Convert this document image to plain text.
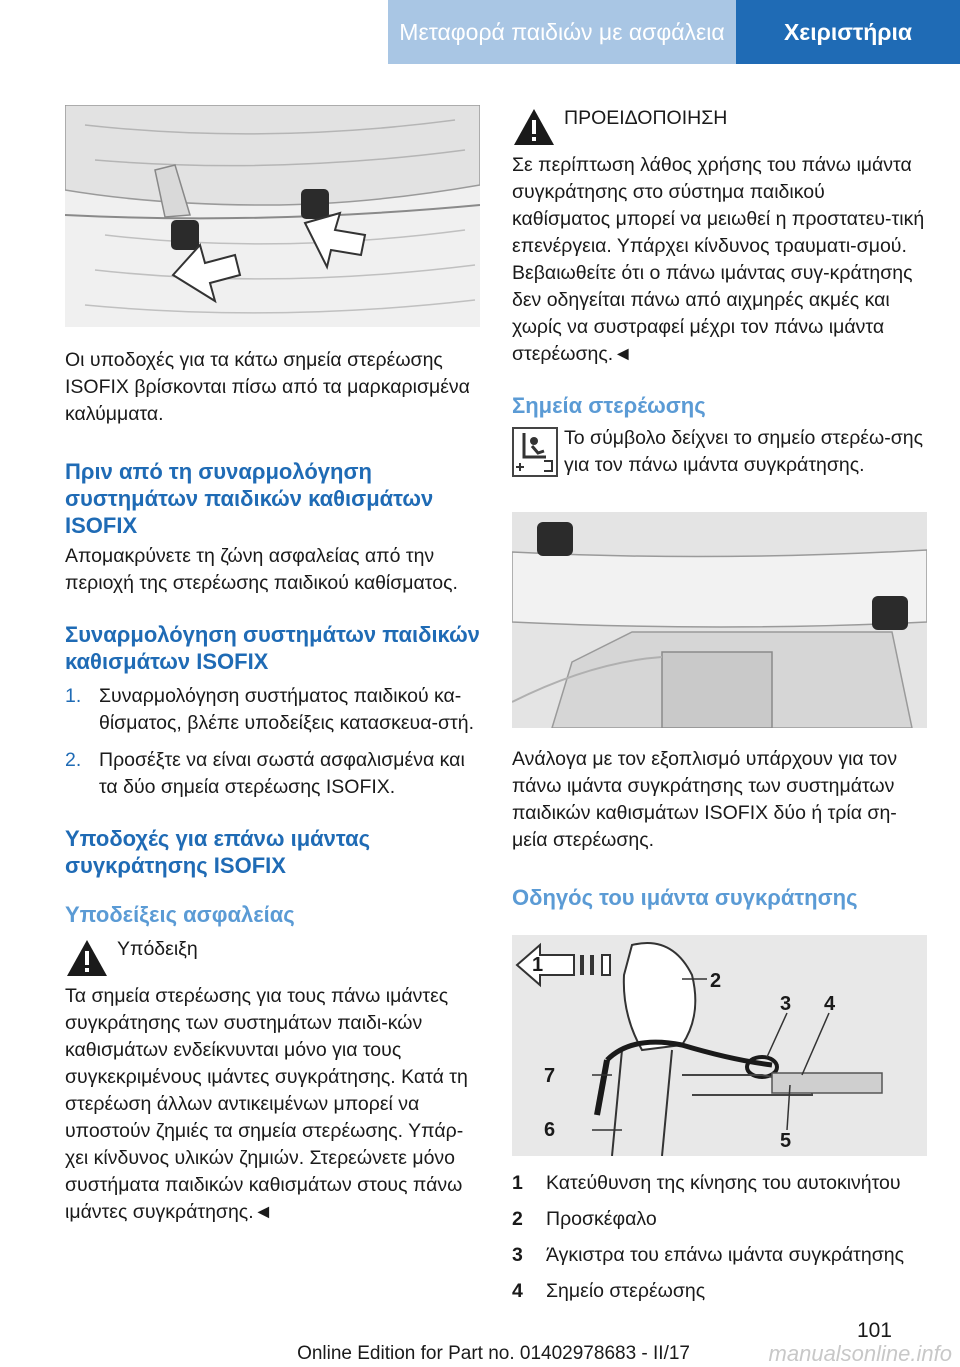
Μεταφορά παιδιών με ασφάλεια	Χειριστήρια

Οι υποδοχές για τα κάτω σημεία στερέωσης ISOFIX βρίσκονται πίσω από τα μαρκαρισμένα καλύμματα.

Πριν από τη συναρμολόγηση συστημάτων παιδικών καθισμάτων ISOFIX

Απομακρύνετε τη ζώνη ασφαλείας από την περιοχή της στερέωσης παιδικού καθίσματος.

Συναρμολόγηση συστημάτων παιδικών καθισμάτων ISOFIX

1. Συναρμολόγηση συστήματος παιδικού κα-θίσματος, βλέπε υποδείξεις κατασκευα-στή.
2. Προσέξτε να είναι σωστά ασφαλισμένα και τα δύο σημεία στερέωσης ISOFIX.

Υποδοχές για επάνω ιμάντας συγκράτησης ISOFIX

Υποδείξεις ασφαλείας

Υπόδειξη

Τα σημεία στερέωσης για τους πάνω ιμάντες συγκράτησης των συστημάτων παιδι-κών καθισμάτων ενδείκνυνται μόνο για τους συγκεκριμένους ιμάντες συγκράτησης. Κατά τη στερέωση άλλων αντικειμένων μπορεί να υποστούν ζημιές τα σημεία στερέωσης. Υπάρ-χει κίνδυνος υλικών ζημιών. Στερεώνετε μόνο συστήματα παιδικών καθισμάτων στους πάνω ιμάντες συγκράτησης.◄

ΠΡΟΕΙΔΟΠΟΙΗΣΗ

Σε περίπτωση λάθος χρήσης του πάνω ιμάντα συγκράτησης στο σύστημα παιδικού καθίσματος μπορεί να μειωθεί η προστατευ-τική επενέργεια. Υπάρχει κίνδυνος τραυματι-σμού. Βεβαιωθείτε ότι ο πάνω ιμάντας συγ-κράτησης δεν οδηγείται πάνω από αιχμηρές ακμές και χωρίς να συστραφεί μέχρι τον πάνω ιμάντα στερέωσης.◄

Σημεία στερέωσης

Το σύμβολο δείχνει το σημείο στερέω-σης για τον πάνω ιμάντα συγκράτησης.

Ανάλογα με τον εξοπλισμό υπάρχουν για τον πάνω ιμάντα συγκράτησης των συστημάτων παιδικών καθισμάτων ISOFIX δύο ή τρία ση-μεία στερέωσης.

Οδηγός του ιμάντα συγκράτησης

1
2
3 4
5
6
7
1	Κατεύθυνση της κίνησης του αυτοκινήτου
2	Προσκέφαλο
3	Άγκιστρα του επάνω ιμάντα συγκράτησης
4	Σημείο στερέωσης
101
Online Edition for Part no. 01402978683 - II/17	manualsonline.info
